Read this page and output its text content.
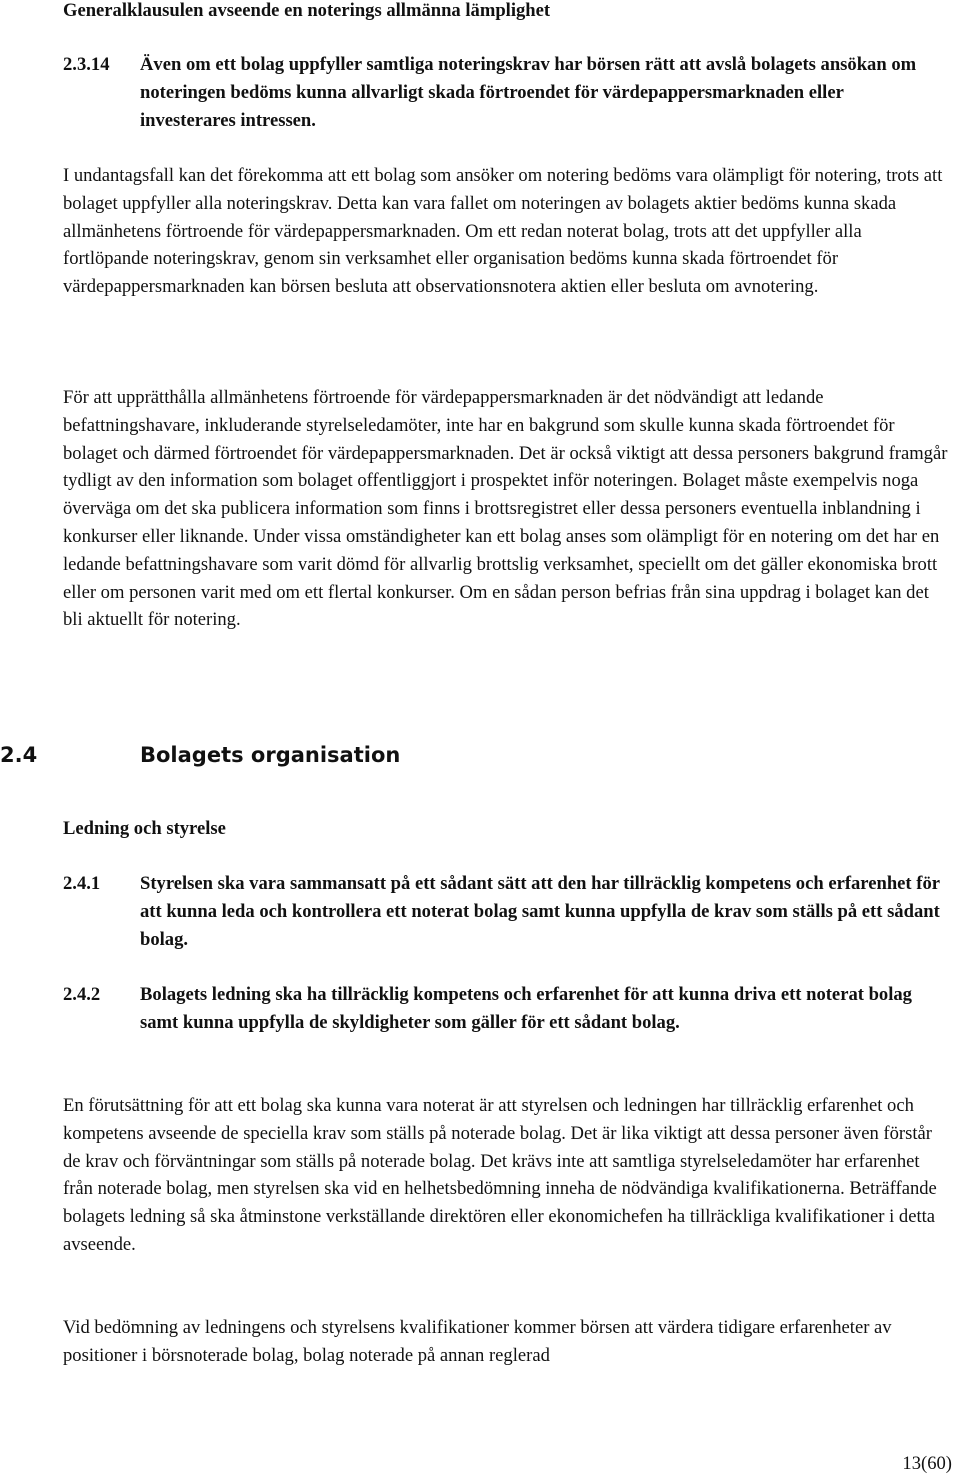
Generalklausulen avseende en noterings allmänna lämplighet
2.3.14 Även om ett bolag uppfyller samtliga noteringskrav har börsen rätt att avslå bolagets ansökan om noteringen bedöms kunna allvarligt skada förtroendet för värdepappersmarknaden eller investerares intressen.
I undantagsfall kan det förekomma att ett bolag som ansöker om notering bedöms vara olämpligt för notering, trots att bolaget uppfyller alla noteringskrav. Detta kan vara fallet om noteringen av bolagets aktier bedöms kunna skada allmänhetens förtroende för värdepappersmarknaden. Om ett redan noterat bolag, trots att det uppfyller alla fortlöpande noteringskrav, genom sin verksamhet eller organisation bedöms kunna skada förtroendet för värdepappersmarknaden kan börsen besluta att observationsnotera aktien eller besluta om avnotering.
För att upprätthålla allmänhetens förtroende för värdepappersmarknaden är det nödvändigt att ledande befattningshavare, inkluderande styrelseledamöter, inte har en bakgrund som skulle kunna skada förtroendet för bolaget och därmed förtroendet för värdepappersmarknaden. Det är också viktigt att dessa personers bakgrund framgår tydligt av den information som bolaget offentliggjort i prospektet inför noteringen. Bolaget måste exempelvis noga överväga om det ska publicera information som finns i brottsregistret eller dessa personers eventuella inblandning i konkurser eller liknande. Under vissa omständigheter kan ett bolag anses som olämpligt för en notering om det har en ledande befattningshavare som varit dömd för allvarlig brottslig verksamhet, speciellt om det gäller ekonomiska brott eller om personen varit med om ett flertal konkurser. Om en sådan person befrias från sina uppdrag i bolaget kan det bli aktuellt för notering.
2.4	Bolagets organisation
Ledning och styrelse
2.4.1 Styrelsen ska vara sammansatt på ett sådant sätt att den har tillräcklig kompetens och erfarenhet för att kunna leda och kontrollera ett noterat bolag samt kunna uppfylla de krav som ställs på ett sådant bolag.
2.4.2 Bolagets ledning ska ha tillräcklig kompetens och erfarenhet för att kunna driva ett noterat bolag samt kunna uppfylla de skyldigheter som gäller för ett sådant bolag.
En förutsättning för att ett bolag ska kunna vara noterat är att styrelsen och ledningen har tillräcklig erfarenhet och kompetens avseende de speciella krav som ställs på noterade bolag. Det är lika viktigt att dessa personer även förstår de krav och förväntningar som ställs på noterade bolag. Det krävs inte att samtliga styrelseledamöter har erfarenhet från noterade bolag, men styrelsen ska vid en helhetsbedömning inneha de nödvändiga kvalifikationerna. Beträffande bolagets ledning så ska åtminstone verkställande direktören eller ekonomichefen ha tillräckliga kvalifikationer i detta avseende.
Vid bedömning av ledningens och styrelsens kvalifikationer kommer börsen att värdera tidigare erfarenheter av positioner i börsnoterade bolag, bolag noterade på annan reglerad
13(60)
